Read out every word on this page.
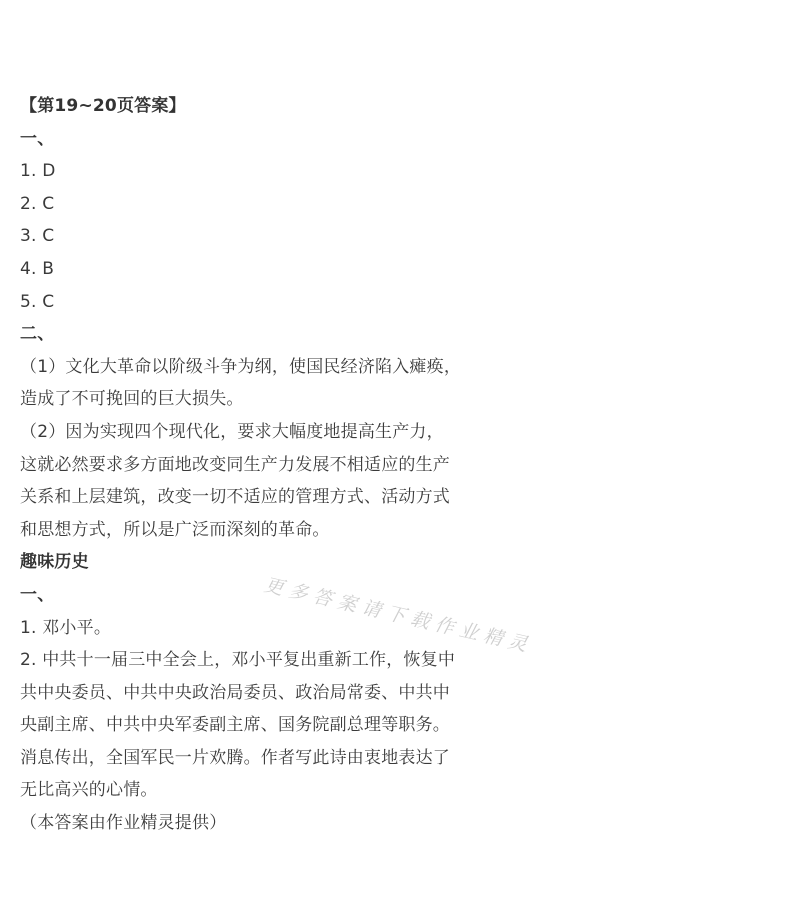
【第19~20页答案】
一、
1. D
2. C
3. C
4. B
5. C
二、
（1）文化大革命以阶级斗争为纲，使国民经济陷入瘫痪，
造成了不可挽回的巨大损失。
（2）因为实现四个现代化，要求大幅度地提高生产力，
这就必然要求多方面地改变同生产力发展不相适应的生产
关系和上层建筑，改变一切不适应的管理方式、活动方式
和思想方式，所以是广泛而深刻的革命。
趣味历史
一、
1. 邓小平。
2. 中共十一届三中全会上，邓小平复出重新工作，恢复中
共中央委员、中共中央政治局委员、政治局常委、中共中
央副主席、中共中央军委副主席、国务院副总理等职务。
消息传出，全国军民一片欢腾。作者写此诗由衷地表达了
无比高兴的心情。
（本答案由作业精灵提供）
更多答案请下载作业精灵
